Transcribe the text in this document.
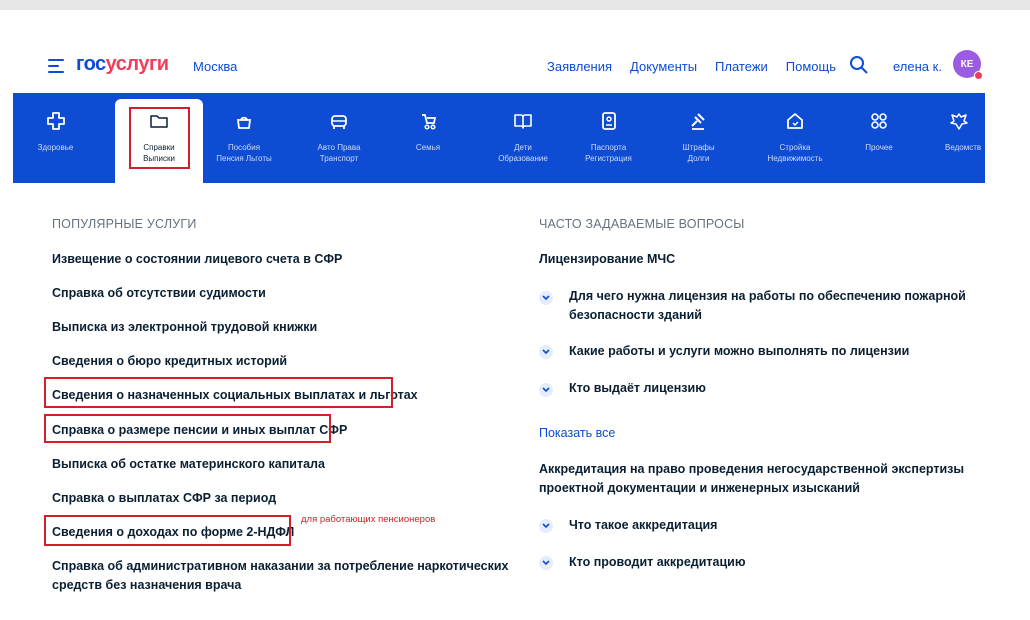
госуслуги Москва	Заявления Документы Платежи Помощь	елена к.	КЕ
Здоровье	Справки
Выписки
Пособия
Пенсия Льготы
Авто Права
Транспорт
Семья	Дети
Образование
Паспорта
Регистрация
Штрафы
Долги
Стройка
Недвижимость
Прочее	Ведомств
ПОПУЛЯРНЫЕ УСЛУГИ
Извещение о состоянии лицевого счета в СФР
Справка об отсутствии судимости
Выписка из электронной трудовой книжки
Сведения о бюро кредитных историй
Сведения о назначенных социальных выплатах и льготах
Справка о размере пенсии и иных выплат СФР
Выписка об остатке материнского капитала
Справка о выплатах СФР за период
Сведения о доходах по форме 2-НДФЛ
Справка об административном наказании за потребление наркотических
средств без назначения врача
для работающих пенсионеров
ЧАСТО ЗАДАВАЕМЫЕ ВОПРОСЫ
Лицензирование МЧС
Для чего нужна лицензия на работы по обеспечению пожарной
безопасности зданий
Какие работы и услуги можно выполнять по лицензии
Кто выдаёт лицензию
Показать все
Аккредитация на право проведения негосударственной экспертизы
проектной документации и инженерных изысканий
Что такое аккредитация
Кто проводит аккредитацию
